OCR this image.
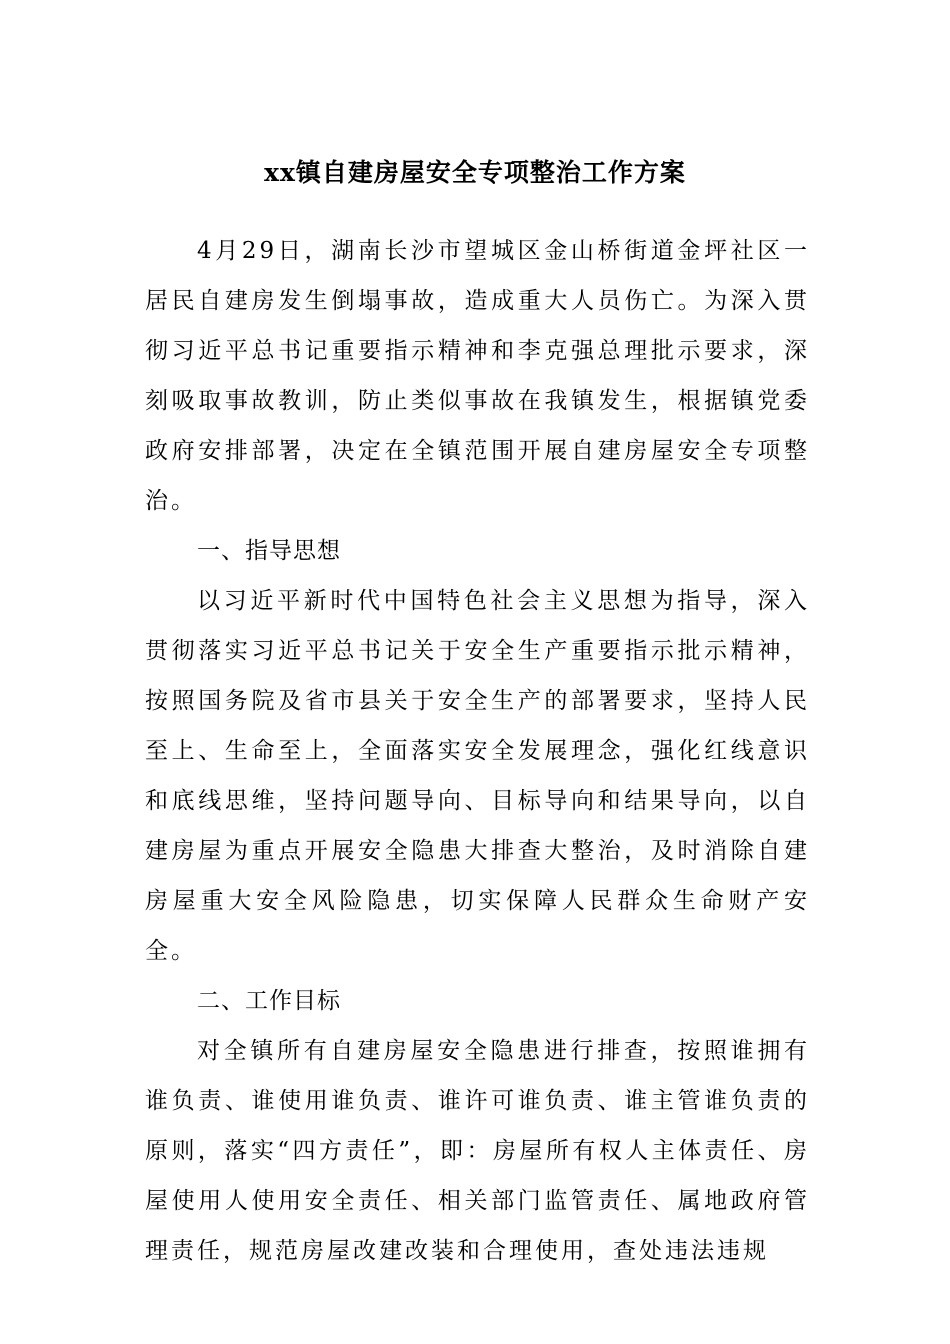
xx镇自建房屋安全专项整治工作方案

4月29日，湖南长沙市望城区金山桥街道金坪社区一居民自建房发生倒塌事故，造成重大人员伤亡。为深入贯彻习近平总书记重要指示精神和李克强总理批示要求，深刻吸取事故教训，防止类似事故在我镇发生，根据镇党委政府安排部署，决定在全镇范围开展自建房屋安全专项整治。

一、指导思想

以习近平新时代中国特色社会主义思想为指导，深入贯彻落实习近平总书记关于安全生产重要指示批示精神，按照国务院及省市县关于安全生产的部署要求，坚持人民至上、生命至上，全面落实安全发展理念，强化红线意识和底线思维，坚持问题导向、目标导向和结果导向，以自建房屋为重点开展安全隐患大排查大整治，及时消除自建房屋重大安全风险隐患，切实保障人民群众生命财产安全。

二、工作目标

对全镇所有自建房屋安全隐患进行排查，按照谁拥有谁负责、谁使用谁负责、谁许可谁负责、谁主管谁负责的原则，落实“四方责任”，即：房屋所有权人主体责任、房屋使用人使用安全责任、相关部门监管责任、属地政府管理责任，规范房屋改建改装和合理使用，查处违法违规
